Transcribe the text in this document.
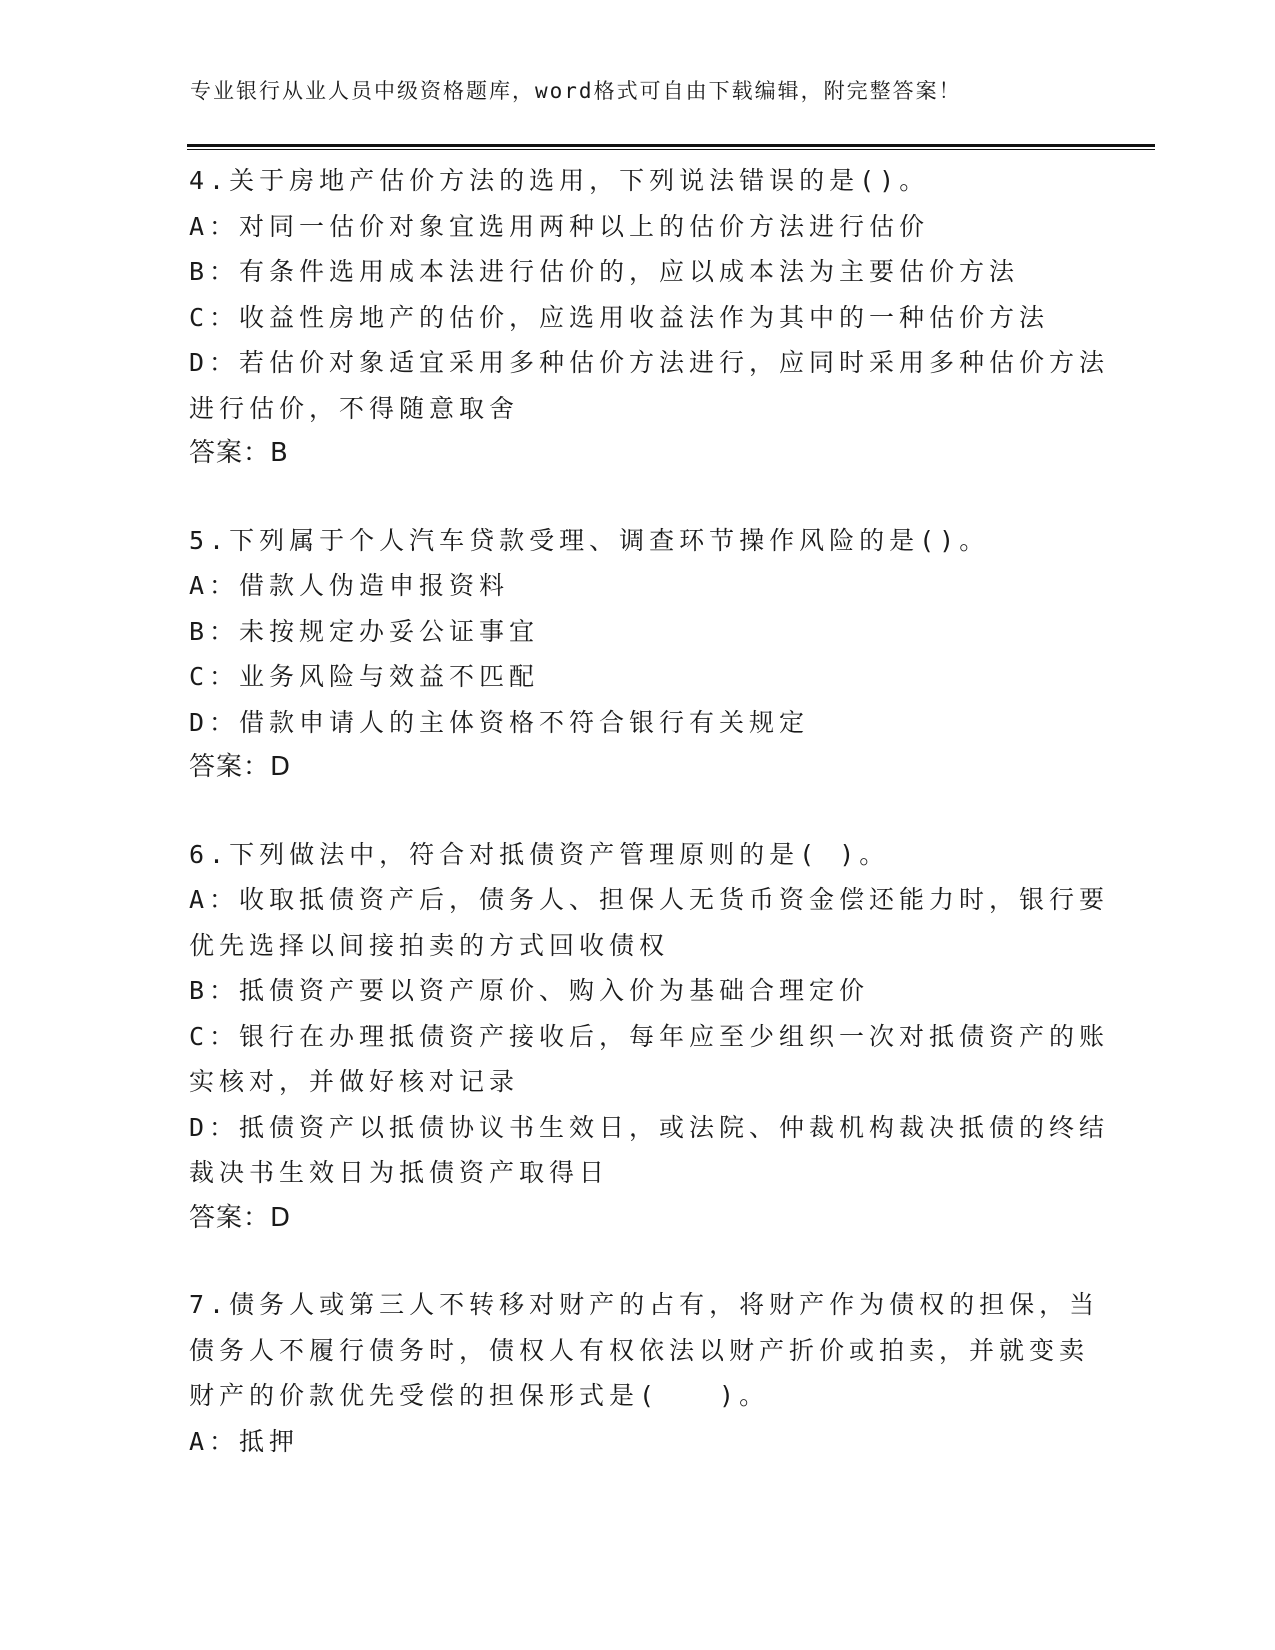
专业银行从业人员中级资格题库，word格式可自由下载编辑，附完整答案！
4.关于房地产估价方法的选用，下列说法错误的是()。
A：对同一估价对象宜选用两种以上的估价方法进行估价
B：有条件选用成本法进行估价的，应以成本法为主要估价方法
C：收益性房地产的估价，应选用收益法作为其中的一种估价方法
D：若估价对象适宜采用多种估价方法进行，应同时采用多种估价方法
进行估价，不得随意取舍
答案：B
5.下列属于个人汽车贷款受理、调查环节操作风险的是()。
A：借款人伪造申报资料
B：未按规定办妥公证事宜
C：业务风险与效益不匹配
D：借款申请人的主体资格不符合银行有关规定
答案：D
6.下列做法中，符合对抵债资产管理原则的是( )。
A：收取抵债资产后，债务人、担保人无货币资金偿还能力时，银行要
优先选择以间接拍卖的方式回收债权
B：抵债资产要以资产原价、购入价为基础合理定价
C：银行在办理抵债资产接收后，每年应至少组织一次对抵债资产的账
实核对，并做好核对记录
D：抵债资产以抵债协议书生效日，或法院、仲裁机构裁决抵债的终结
裁决书生效日为抵债资产取得日
答案：D
7.债务人或第三人不转移对财产的占有，将财产作为债权的担保，当
债务人不履行债务时，债权人有权依法以财产折价或拍卖，并就变卖
财产的价款优先受偿的担保形式是(　　)。
A：抵押
